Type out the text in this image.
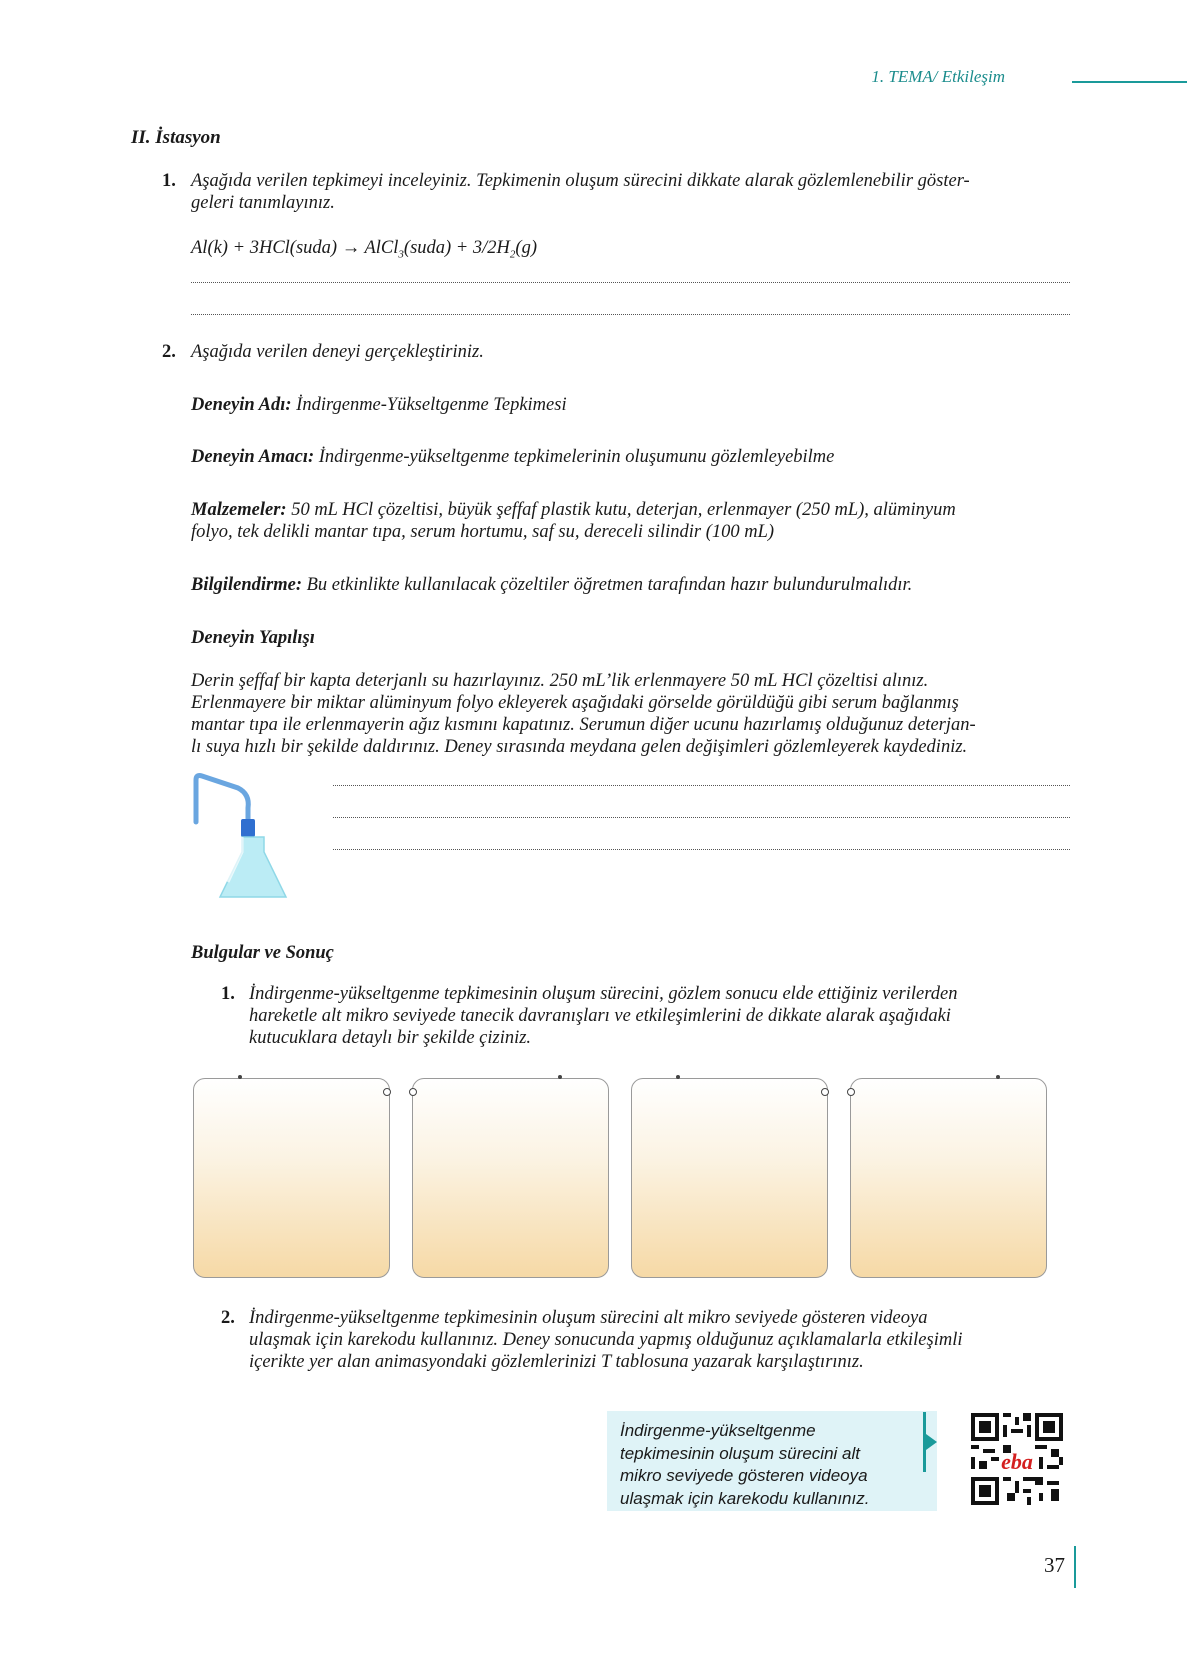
1. TEMA/ Etkileşim
II. İstasyon
1. Aşağıda verilen tepkimeyi inceleyiniz. Tepkimenin oluşum sürecini dikkate alarak gözlemlenebilir göster-
geleri tanımlayınız.
Al(k) + 3HCl(suda) → AlCl$_3$(suda) + $3/2H_2(g)$
2. Aşağıda verilen deneyi gerçekleştiriniz.
Deneyin Adı: İndirgenme-Yükseltgenme Tepkimesi
Deneyin Amacı: İndirgenme-yükseltgenme tepkimelerinin oluşumunu gözlemleyebilme
Malzemeler: 50 mL HCl çözeltisi, büyük şeffaf plastik kutu, deterjan, erlenmayer (250 mL), alüminyum
folyo, tek delikli mantar tıpa, serum hortumu, saf su, dereceli silindir (100 mL)
Bilgilendirme: Bu etkinlikte kullanılacak çözeltiler öğretmen tarafından hazır bulundurulmalıdır.
Deneyin Yapılışı
Derin şeffaf bir kapta deterjanlı su hazırlayınız. 250 mL’lik erlenmayere 50 mL HCl çözeltisi alınız.
Erlenmayere bir miktar alüminyum folyo ekleyerek aşağıdaki görselde görüldüğü gibi serum bağlanmış
mantar tıpa ile erlenmayerin ağız kısmını kapatınız. Serumun diğer ucunu hazırlamış olduğunuz deterjan-
lı suya hızlı bir şekilde daldırınız. Deney sırasında meydana gelen değişimleri gözlemleyerek kaydediniz.
Bulgular ve Sonuç
1. İndirgenme-yükseltgenme tepkimesinin oluşum sürecini, gözlem sonucu elde ettiğiniz verilerden
hareketle alt mikro seviyede tanecik davranışları ve etkileşimlerini de dikkate alarak aşağıdaki
kutucuklara detaylı bir şekilde çiziniz.
2. İndirgenme-yükseltgenme tepkimesinin oluşum sürecini alt mikro seviyede gösteren videoya
ulaşmak için karekodu kullanınız. Deney sonucunda yapmış olduğunuz açıklamalarla etkileşimli
içerikte yer alan animasyondaki gözlemlerinizi T tablosuna yazarak karşılaştırınız.
İndirgenme-yükseltgenme
tepkimesinin oluşum sürecini alt
mikro seviyede gösteren videoya
ulaşmak için karekodu kullanınız.
eba
37
